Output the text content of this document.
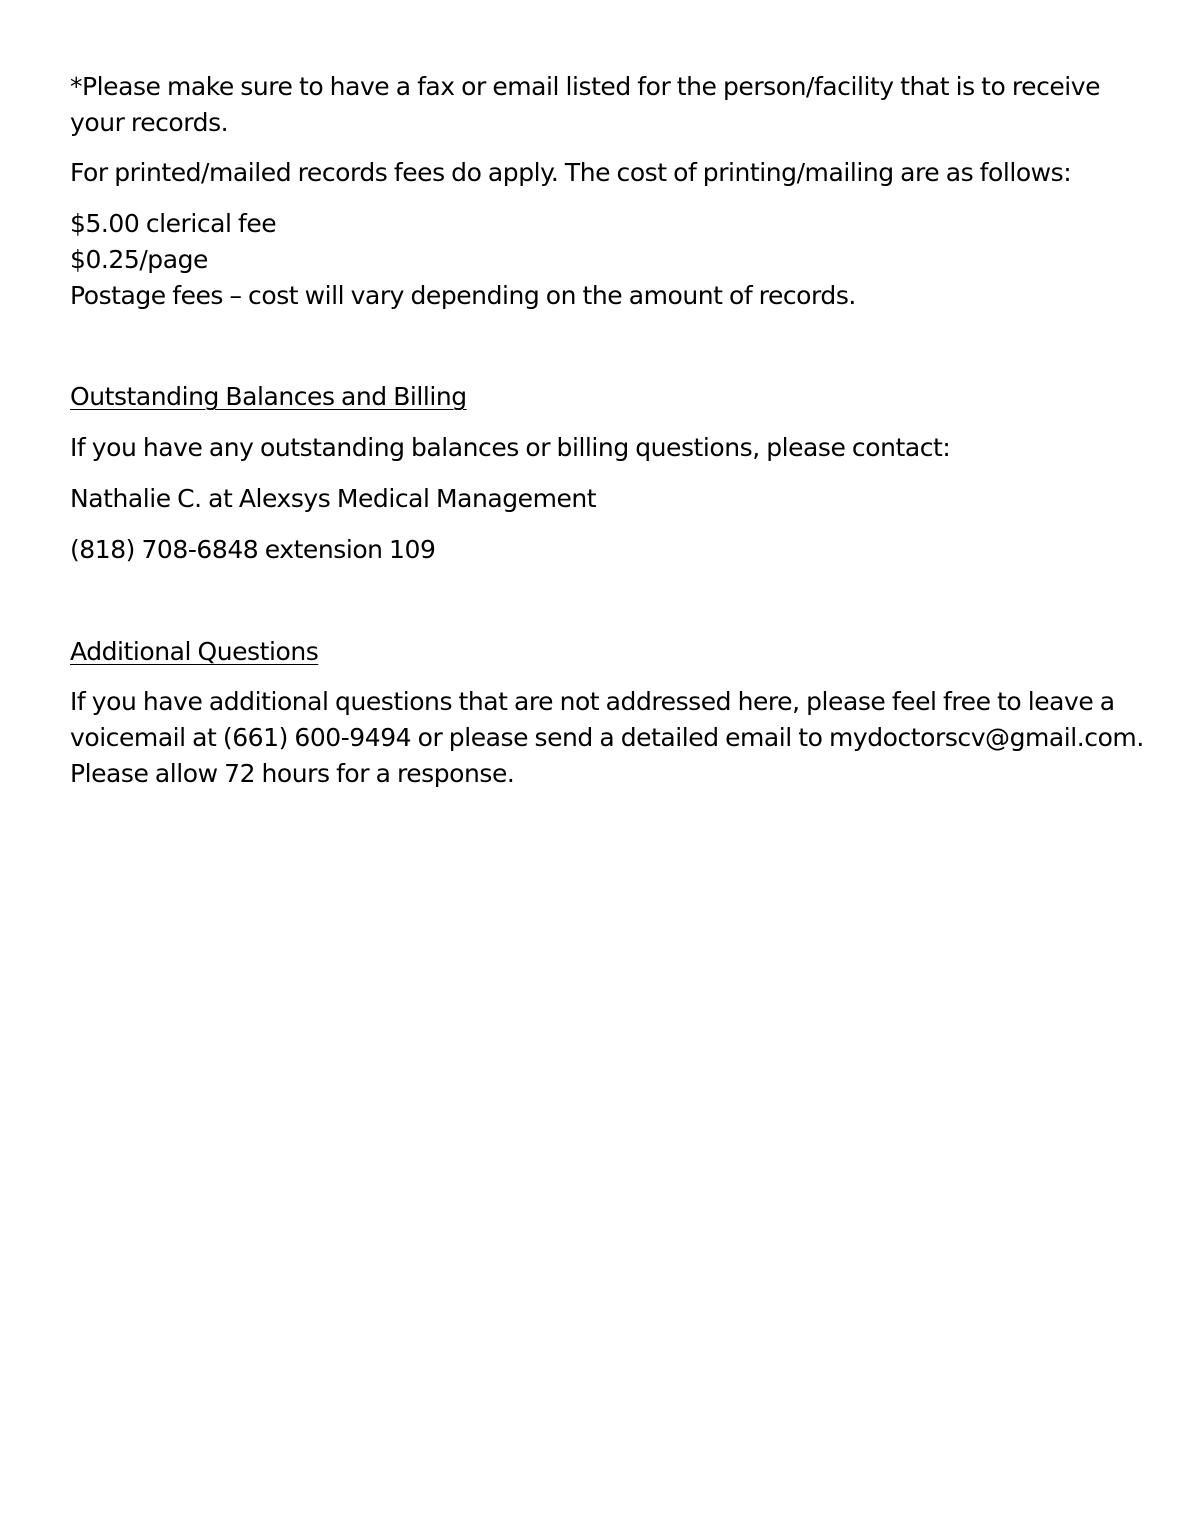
*Please make sure to have a fax or email listed for the person/facility that is to receive

your records.

For printed/mailed records fees do apply. The cost of printing/mailing are as follows:

$5.00 clerical fee

$0.25/page

Postage fees – cost will vary depending on the amount of records.

Outstanding Balances and Billing

If you have any outstanding balances or billing questions, please contact:

Nathalie C. at Alexsys Medical Management

(818) 708-6848 extension 109

Additional Questions

If you have additional questions that are not addressed here, please feel free to leave a

voicemail at (661) 600-9494 or please send a detailed email to mydoctorscv@gmail.com.

Please allow 72 hours for a response.
